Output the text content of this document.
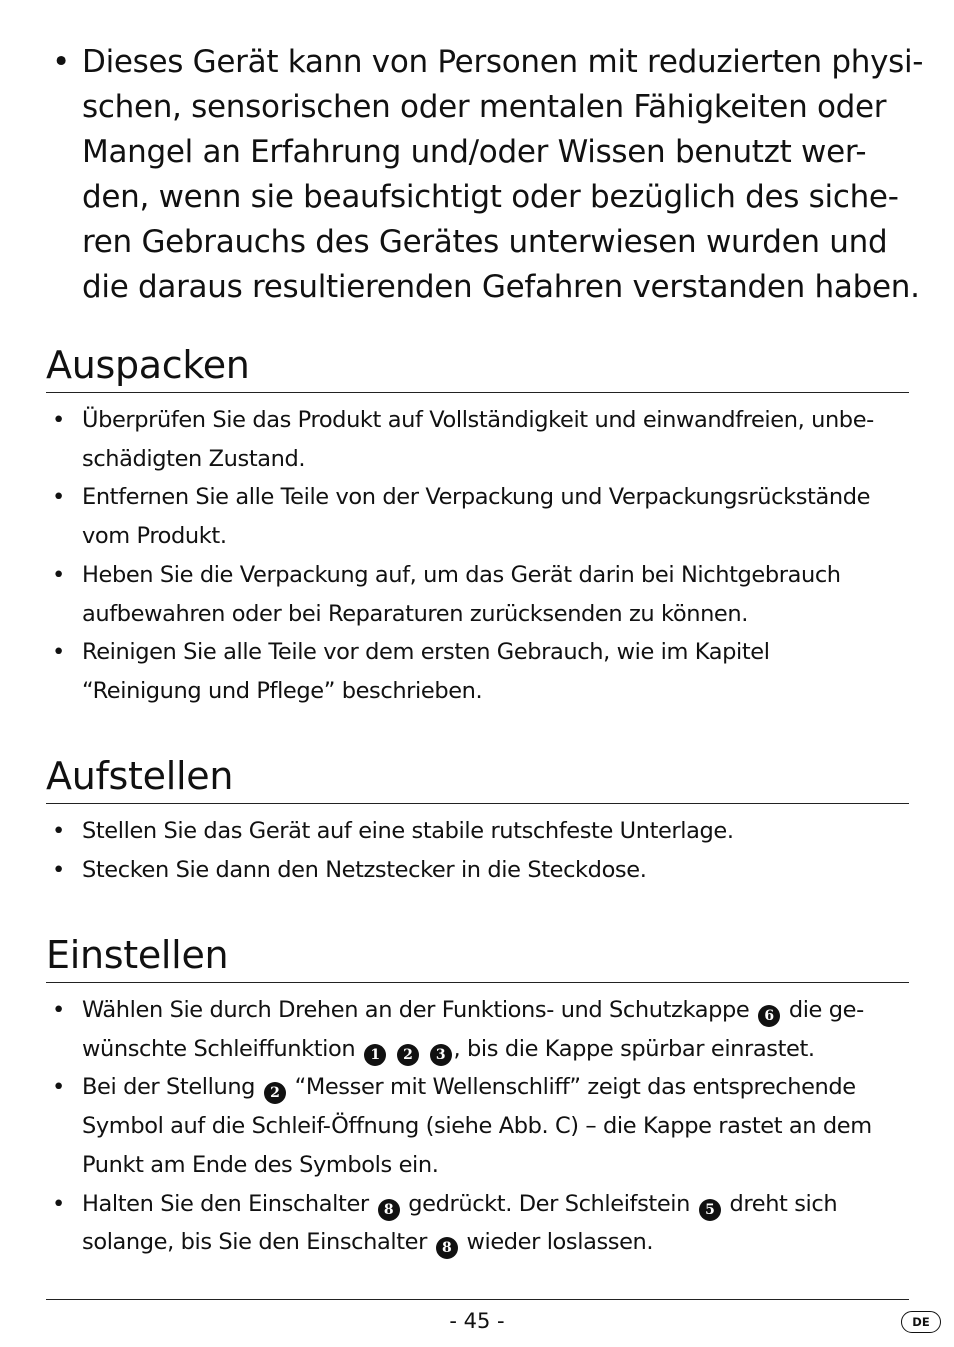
• Dieses Gerät kann von Personen mit reduzierten physi-
schen, sensorischen oder mentalen Fähigkeiten oder
Mangel an Erfahrung und/oder Wissen benutzt wer-
den, wenn sie beaufsichtigt oder bezüglich des siche-
ren Gebrauchs des Gerätes unterwiesen wurden und
die daraus resultierenden Gefahren verstanden haben.
Auspacken
• Überprüfen Sie das Produkt auf Vollständigkeit und einwandfreien, unbe-
schädigten Zustand.
• Entfernen Sie alle Teile von der Verpackung und Verpackungsrückstände
vom Produkt.
• Heben Sie die Verpackung auf, um das Gerät darin bei Nichtgebrauch
aufbewahren oder bei Reparaturen zurücksenden zu können.
• Reinigen Sie alle Teile vor dem ersten Gebrauch, wie im Kapitel
“Reinigung und Pflege” beschrieben.
Aufstellen
• Stellen Sie das Gerät auf eine stabile rutschfeste Unterlage.
• Stecken Sie dann den Netzstecker in die Steckdose.
Einstellen
• Wählen Sie durch Drehen an der Funktions- und Schutzkappe 6 die ge-
wünschte Schleiffunktion 1 2 3 , bis die Kappe spürbar einrastet.
• Bei der Stellung 2 “Messer mit Wellenschliff” zeigt das entsprechende
Symbol auf die Schleif-Öffnung (siehe Abb. C) – die Kappe rastet an dem
Punkt am Ende des Symbols ein.
• Halten Sie den Einschalter 8 gedrückt. Der Schleifstein 5 dreht sich
solange, bis Sie den Einschalter 8 wieder loslassen.
- 45 -	DE
